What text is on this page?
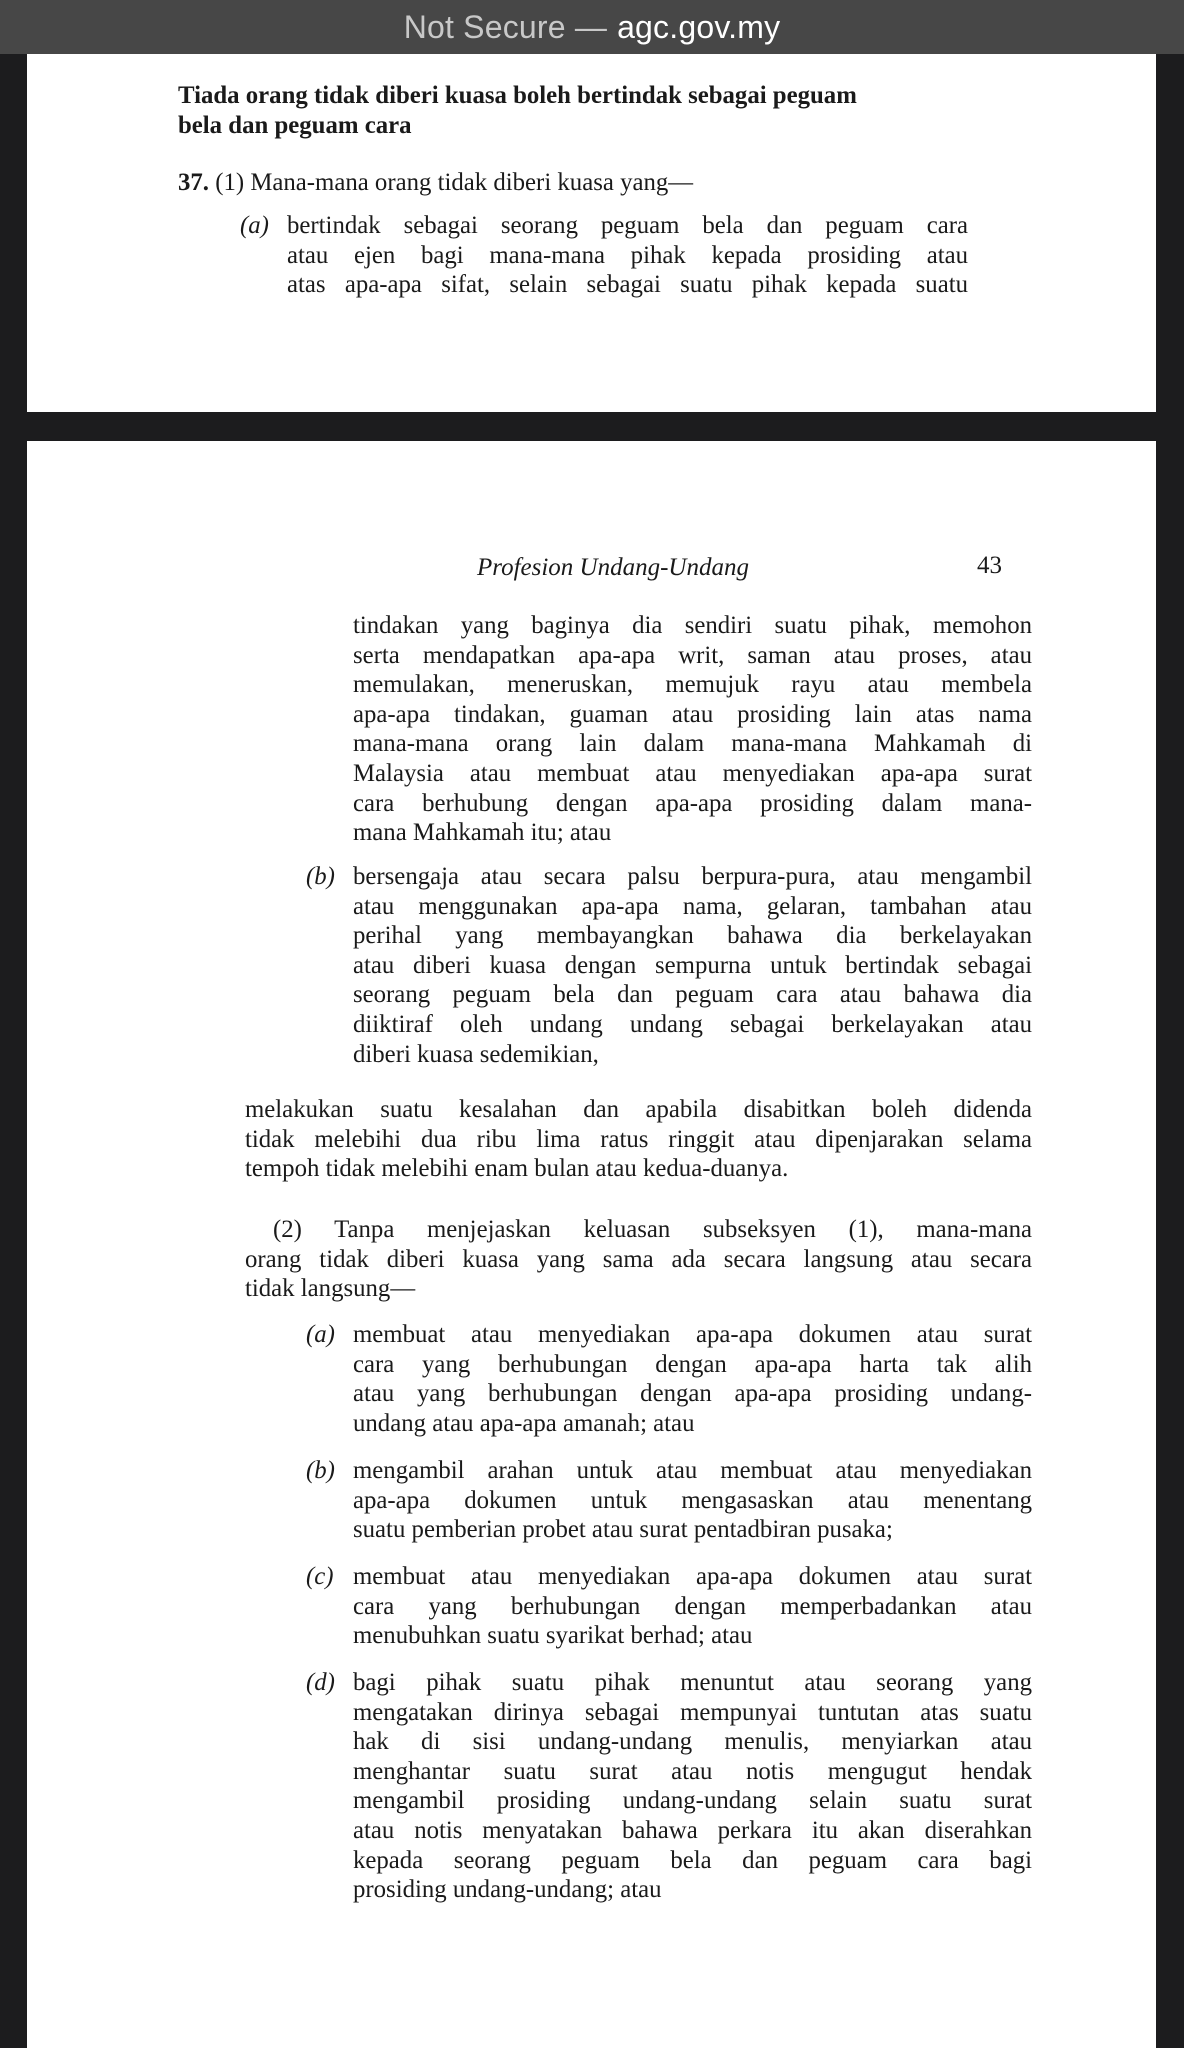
Not Secure — agc.gov.my
Tiada orang tidak diberi kuasa boleh bertindak sebagai peguam
bela dan peguam cara
37. (1) Mana-mana orang tidak diberi kuasa yang—
(a) bertindak sebagai seorang peguam bela dan peguam cara
atau ejen bagi mana-mana pihak kepada prosiding atau
atas apa-apa sifat, selain sebagai suatu pihak kepada suatu
Profesion Undang-Undang	43
tindakan yang baginya dia sendiri suatu pihak, memohon
serta mendapatkan apa-apa writ, saman atau proses, atau
memulakan, meneruskan, memujuk rayu atau membela
apa-apa tindakan, guaman atau prosiding lain atas nama
mana-mana orang lain dalam mana-mana Mahkamah di
Malaysia atau membuat atau menyediakan apa-apa surat
cara berhubung dengan apa-apa prosiding dalam mana-
mana Mahkamah itu; atau
(b) bersengaja atau secara palsu berpura-pura, atau mengambil
atau menggunakan apa-apa nama, gelaran, tambahan atau
perihal yang membayangkan bahawa dia berkelayakan
atau diberi kuasa dengan sempurna untuk bertindak sebagai
seorang peguam bela dan peguam cara atau bahawa dia
diiktiraf oleh undang undang sebagai berkelayakan atau
diberi kuasa sedemikian,
melakukan suatu kesalahan dan apabila disabitkan boleh didenda
tidak melebihi dua ribu lima ratus ringgit atau dipenjarakan selama
tempoh tidak melebihi enam bulan atau kedua-duanya.
(2) Tanpa menjejaskan keluasan subseksyen (1), mana-mana
orang tidak diberi kuasa yang sama ada secara langsung atau secara
tidak langsung—
(a) membuat atau menyediakan apa-apa dokumen atau surat
cara yang berhubungan dengan apa-apa harta tak alih
atau yang berhubungan dengan apa-apa prosiding undang-
undang atau apa-apa amanah; atau
(b) mengambil arahan untuk atau membuat atau menyediakan
apa-apa dokumen untuk mengasaskan atau menentang
suatu pemberian probet atau surat pentadbiran pusaka;
(c) membuat atau menyediakan apa-apa dokumen atau surat
cara yang berhubungan dengan memperbadankan atau
menubuhkan suatu syarikat berhad; atau
(d) bagi pihak suatu pihak menuntut atau seorang yang
mengatakan dirinya sebagai mempunyai tuntutan atas suatu
hak di sisi undang-undang menulis, menyiarkan atau
menghantar suatu surat atau notis mengugut hendak
mengambil prosiding undang-undang selain suatu surat
atau notis menyatakan bahawa perkara itu akan diserahkan
kepada seorang peguam bela dan peguam cara bagi
prosiding undang-undang; atau
